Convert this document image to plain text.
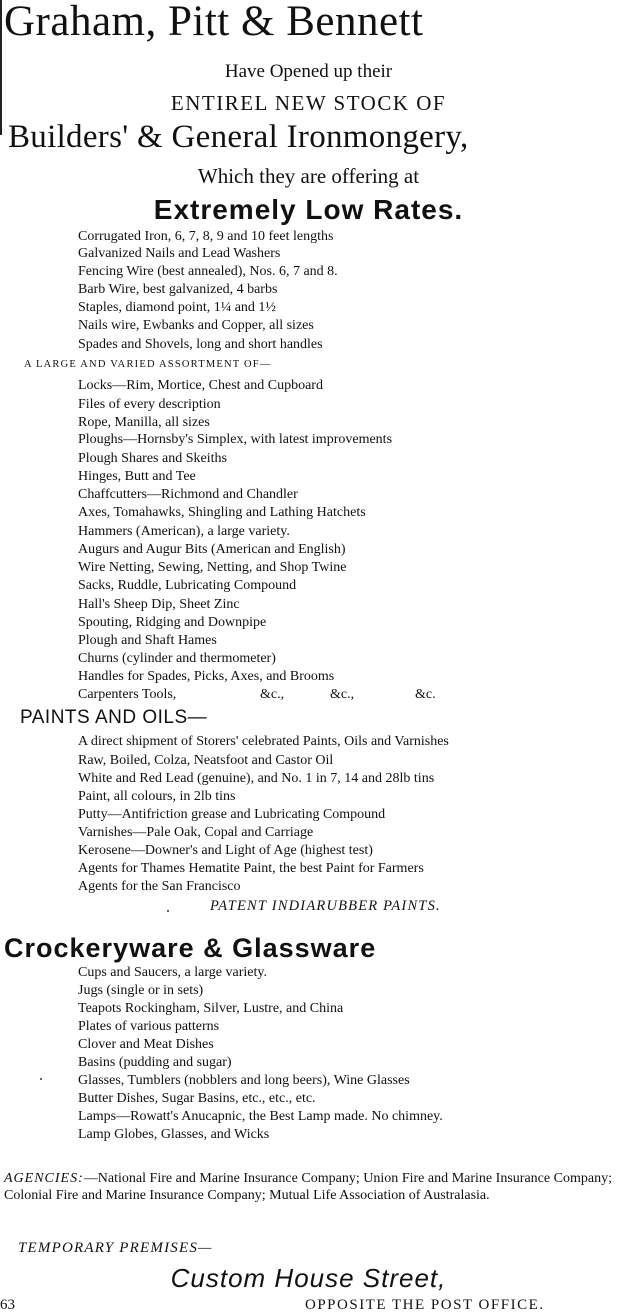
Graham, Pitt & Bennett
Have Opened up their
ENTIREL NEW STOCK OF
Builders' & General Ironmongery,
Which they are offering at
Extremely Low Rates.
Corrugated Iron, 6, 7, 8, 9 and 10 feet lengths
Galvanized Nails and Lead Washers
Fencing Wire (best annealed), Nos. 6, 7 and 8.
Barb Wire, best galvanized, 4 barbs
Staples, diamond point, 1¼ and 1½
Nails wire, Ewbanks and Copper, all sizes
Spades and Shovels, long and short handles
A LARGE AND VARIED ASSORTMENT OF—
Locks—Rim, Mortice, Chest and Cupboard
Files of every description
Rope, Manilla, all sizes
Ploughs—Hornsby's Simplex, with latest improvements
Plough Shares and Skeiths
Hinges, Butt and Tee
Chaffcutters—Richmond and Chandler
Axes, Tomahawks, Shingling and Lathing Hatchets
Hammers (American), a large variety.
Augurs and Augur Bits (American and English)
Wire Netting, Sewing, Netting, and Shop Twine
Sacks, Ruddle, Lubricating Compound
Hall's Sheep Dip, Sheet Zinc
Spouting, Ridging and Downpipe
Plough and Shaft Hames
Churns (cylinder and thermometer)
Handles for Spades, Picks, Axes, and Brooms
Carpenters Tools,	&c.,	&c.,	&c.
PAINTS AND OILS—
A direct shipment of Storers' celebrated Paints, Oils and Varnishes
Raw, Boiled, Colza, Neatsfoot and Castor Oil
White and Red Lead (genuine), and No. 1 in 7, 14 and 28lb tins
Paint, all colours, in 2lb tins
Putty—Antifriction grease and Lubricating Compound
Varnishes—Pale Oak, Copal and Carriage
Kerosene—Downer's and Light of Age (highest test)
Agents for Thames Hematite Paint, the best Paint for Farmers
Agents for the San Francisco
PATENT INDIARUBBER PAINTS.
Crockeryware & Glassware
Cups and Saucers, a large variety.
Jugs (single or in sets)
Teapots Rockingham, Silver, Lustre, and China
Plates of various patterns
Clover and Meat Dishes
Basins (pudding and sugar)
Glasses, Tumblers (nobblers and long beers), Wine Glasses
Butter Dishes, Sugar Basins, etc., etc., etc.
Lamps—Rowatt's Anucapnic, the Best Lamp made. No chimney.
Lamp Globes, Glasses, and Wicks
AGENCIES:—National Fire and Marine Insurance Company; Union Fire and Marine Insurance Company; Colonial Fire and Marine Insurance Company; Mutual Life Association of Australasia.
TEMPORARY PREMISES—
Custom House Street,
63	OPPOSITE THE POST OFFICE.
